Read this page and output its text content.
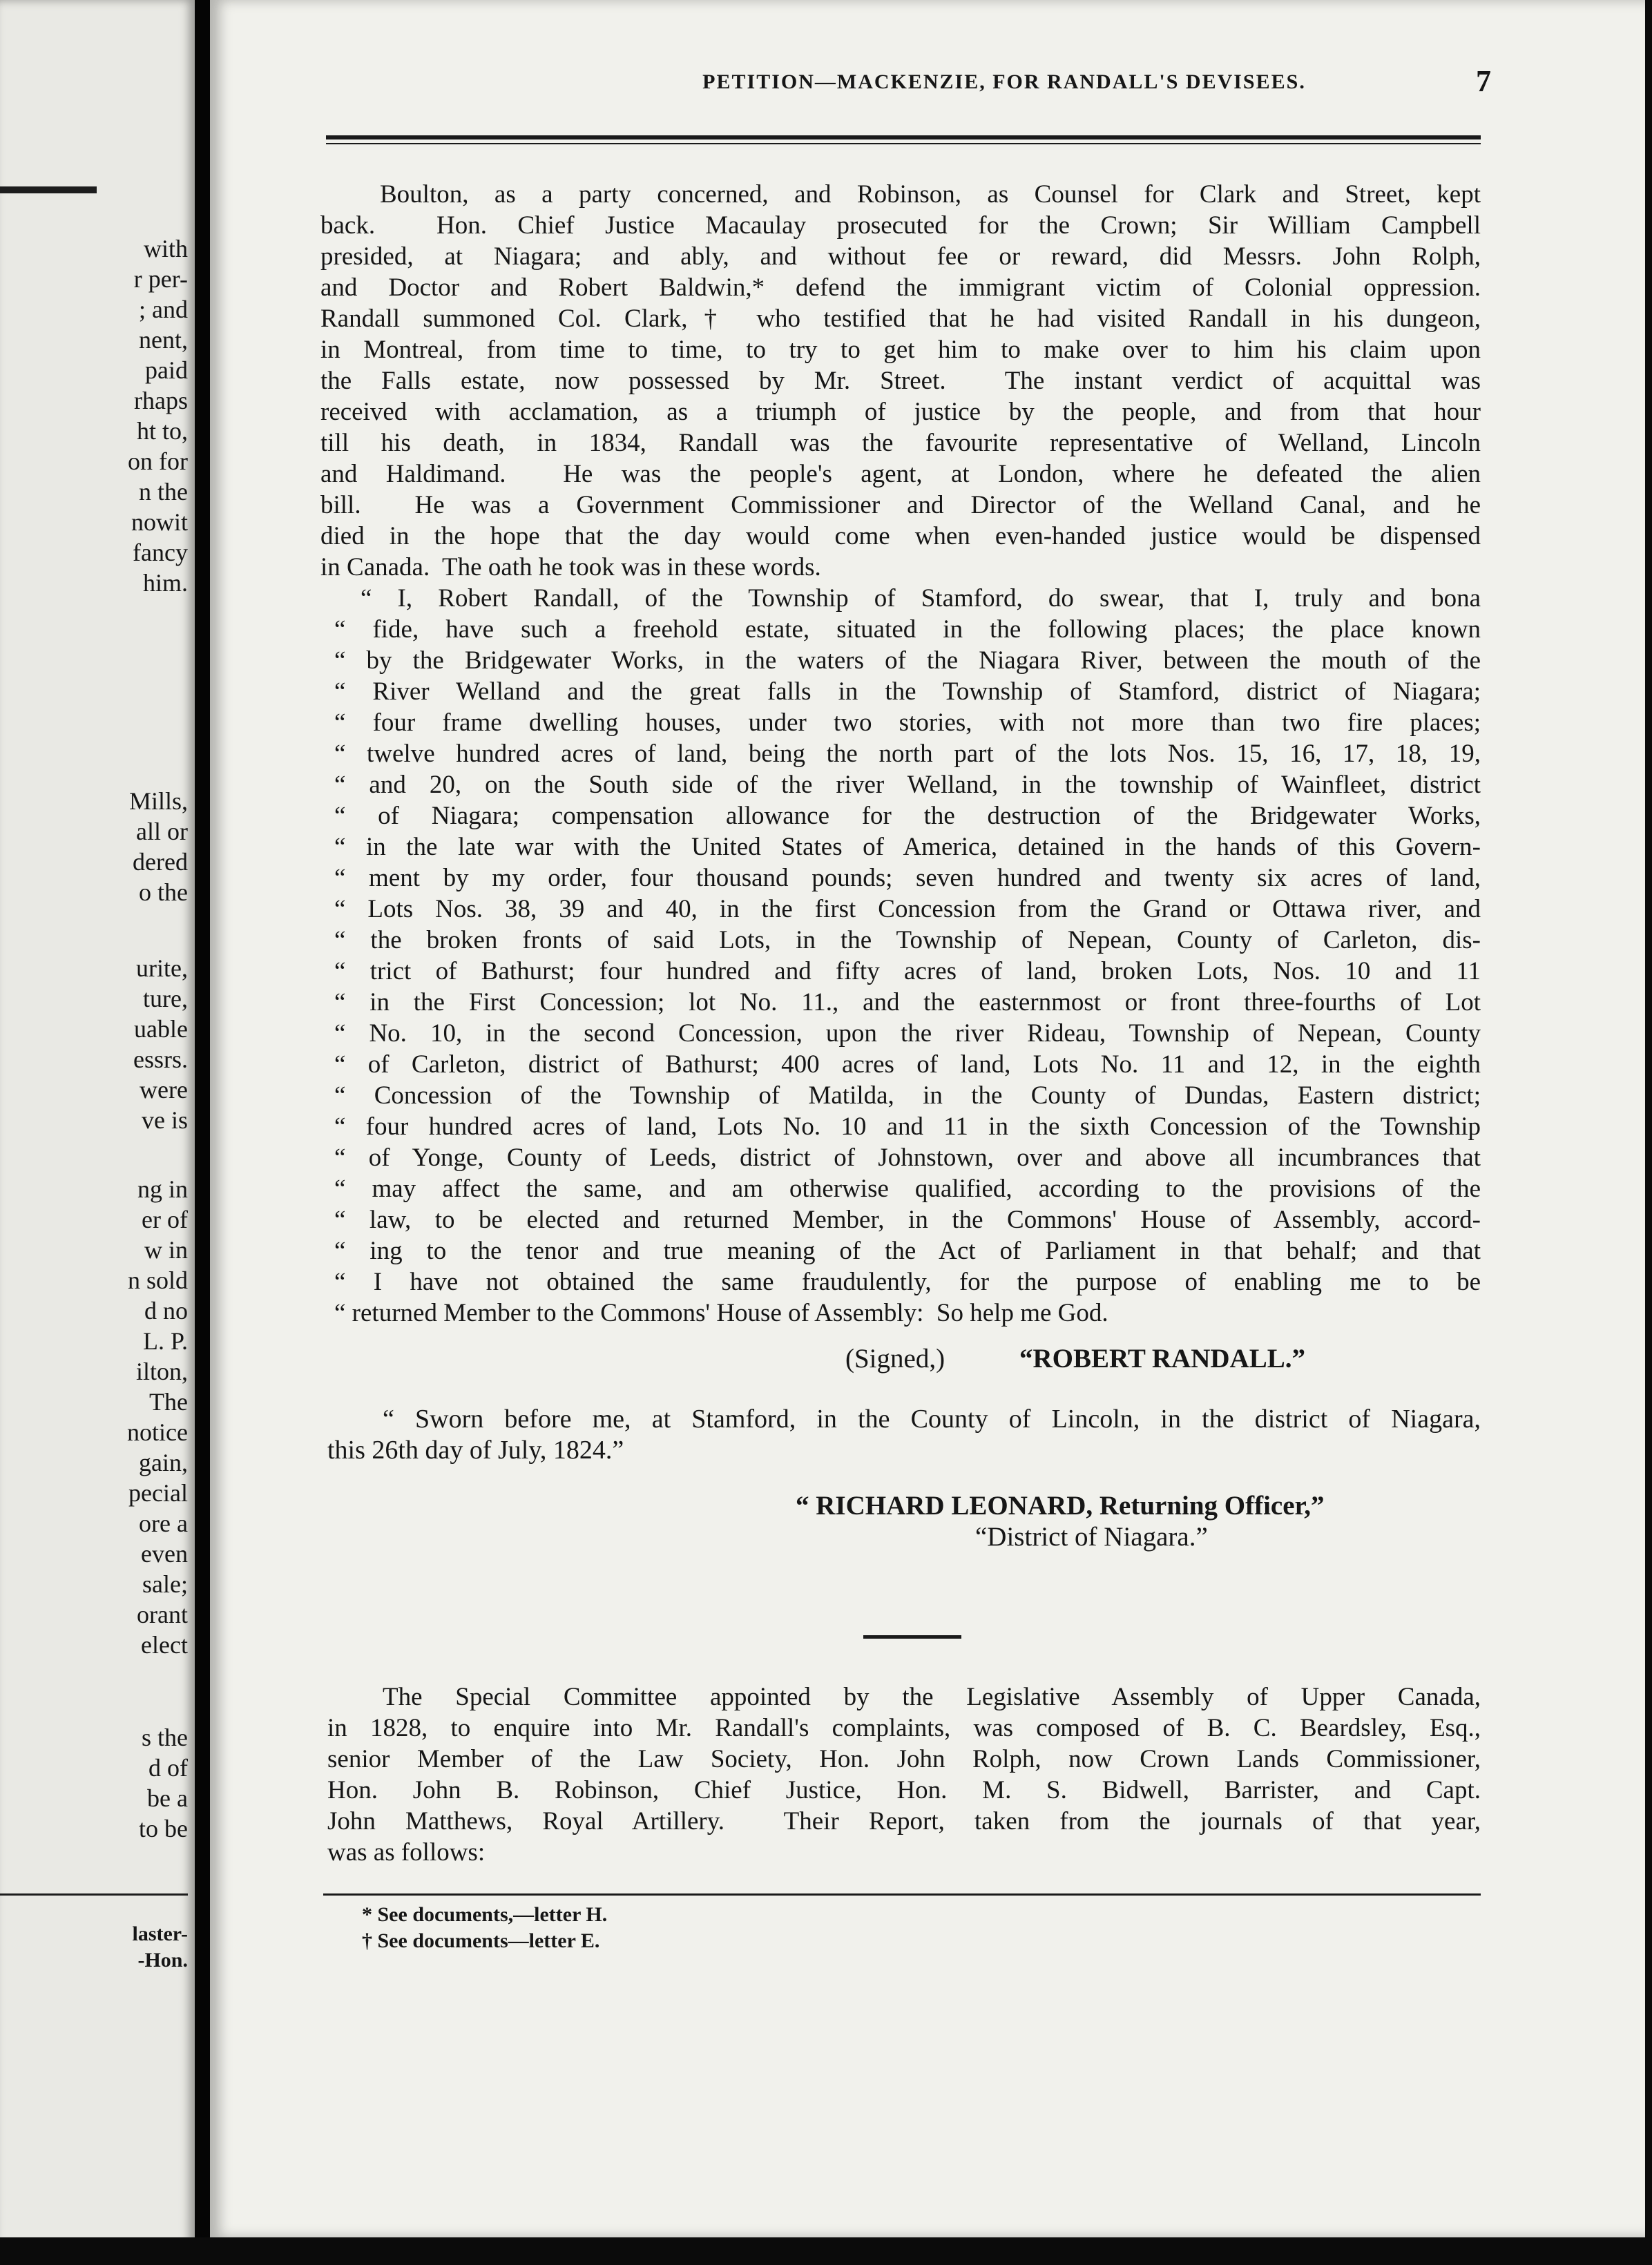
with
r per-
; and
nent,
paid
rhaps
ht to,
on for
n the
nowit
fancy
him.
Mills,
all or
dered
o the
urite,
ture,
uable
essrs.
were
ve is
ng in
er of
w in
n sold
d no
L. P.
ilton,
The
notice
gain,
pecial
ore a
even
sale;
orant
elect
s the
d of
be a
to be
laster-
-Hon.
PETITION—MACKENZIE, FOR RANDALL'S DEVISEES.	7
Boulton, as a party concerned, and Robinson, as Counsel for Clark and Street, kept
back.  Hon. Chief Justice Macaulay prosecuted for the Crown; Sir William Campbell
presided, at Niagara; and ably, and without fee or reward, did Messrs. John Rolph,
and Doctor and Robert Baldwin,* defend the immigrant victim of Colonial oppression.
Randall summoned Col. Clark,† who testified that he had visited Randall in his dungeon,
in Montreal, from time to time, to try to get him to make over to him his claim upon
the Falls estate, now possessed by Mr. Street.  The instant verdict of acquittal was
received with acclamation, as a triumph of justice by the people, and from that hour
till his death, in 1834, Randall was the favourite representative of Welland, Lincoln
and Haldimand.  He was the people's agent, at London, where he defeated the alien
bill.  He was a Government Commissioner and Director of the Welland Canal, and he
died in the hope that the day would come when even-handed justice would be dispensed
in Canada.  The oath he took was in these words.
“ I, Robert Randall, of the Township of Stamford, do swear, that I, truly and bona
“ fide, have such a freehold estate, situated in the following places; the place known
“ by the Bridgewater Works, in the waters of the Niagara River, between the mouth of the
“ River Welland and the great falls in the Township of Stamford, district of Niagara;
“ four frame dwelling houses, under two stories, with not more than two fire places;
“ twelve hundred acres of land, being the north part of the lots Nos. 15, 16, 17, 18, 19,
“ and 20, on the South side of the river Welland, in the township of Wainfleet, district
“ of Niagara; compensation allowance for the destruction of the Bridgewater Works,
“ in the late war with the United States of America, detained in the hands of this Govern-
“ ment by my order, four thousand pounds; seven hundred and twenty six acres of land,
“ Lots Nos. 38, 39 and 40, in the first Concession from the Grand or Ottawa river, and
“ the broken fronts of said Lots, in the Township of Nepean, County of Carleton, dis-
“ trict of Bathurst; four hundred and fifty acres of land, broken Lots, Nos. 10 and 11
“ in the First Concession; lot No. 11., and the easternmost or front three-fourths of Lot
“ No. 10, in the second Concession, upon the river Rideau, Township of Nepean, County
“ of Carleton, district of Bathurst; 400 acres of land, Lots No. 11 and 12, in the eighth
“ Concession of the Township of Matilda, in the County of Dundas, Eastern district;
“ four hundred acres of land, Lots No. 10 and 11 in the sixth Concession of the Township
“ of Yonge, County of Leeds, district of Johnstown, over and above all incumbrances that
“ may affect the same, and am otherwise qualified, according to the provisions of the
“ law, to be elected and returned Member, in the Commons' House of Assembly, accord-
“ ing to the tenor and true meaning of the Act of Parliament in that behalf; and that
“ I have not obtained the same fraudulently, for the purpose of enabling me to be
“ returned Member to the Commons' House of Assembly:  So help me God.
(Signed,)	“ROBERT RANDALL.”
“ Sworn before me, at Stamford, in the County of Lincoln, in the district of Niagara,
this 26th day of July, 1824.”
“ RICHARD LEONARD, Returning Officer,”
“District of Niagara.”
The Special Committee appointed by the Legislative Assembly of Upper Canada,
in 1828, to enquire into Mr. Randall's complaints, was composed of B. C. Beardsley, Esq.,
senior Member of the Law Society, Hon. John Rolph, now Crown Lands Commissioner,
Hon. John B. Robinson, Chief Justice, Hon. M. S. Bidwell, Barrister, and Capt.
John Matthews, Royal Artillery.  Their Report, taken from the journals of that year,
was as follows:
* See documents,—letter H.
† See documents—letter E.
